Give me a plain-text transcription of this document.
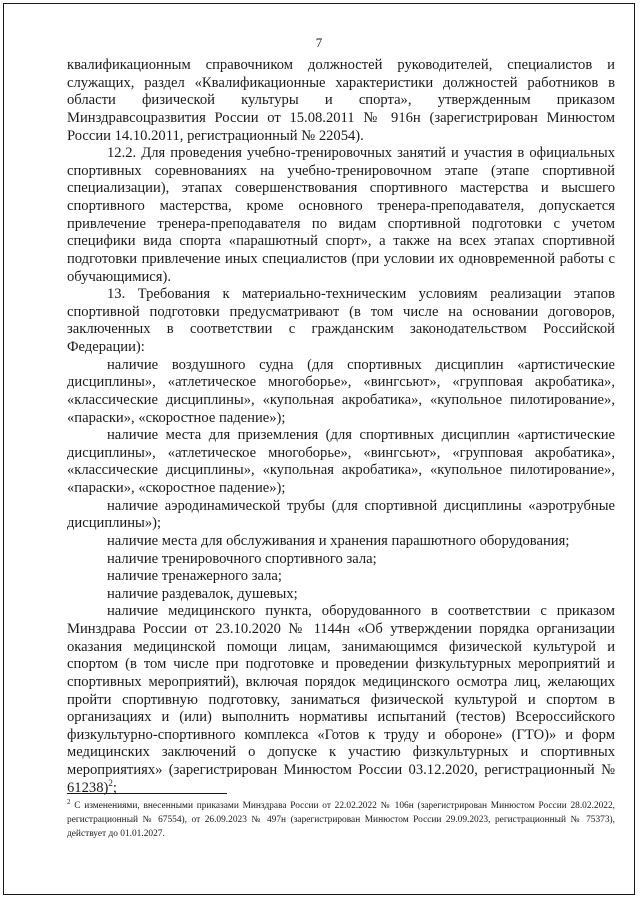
7

квалификационным справочником должностей руководителей, специалистов и служащих, раздел «Квалификационные характеристики должностей работников в области физической культуры и спорта», утвержденным приказом Минздравсоцразвития России от 15.08.2011 № 916н (зарегистрирован Минюстом России 14.10.2011, регистрационный № 22054).

12.2. Для проведения учебно-тренировочных занятий и участия в официальных спортивных соревнованиях на учебно-тренировочном этапе (этапе спортивной специализации), этапах совершенствования спортивного мастерства и высшего спортивного мастерства, кроме основного тренера-преподавателя, допускается привлечение тренера-преподавателя по видам спортивной подготовки с учетом специфики вида спорта «парашютный спорт», а также на всех этапах спортивной подготовки привлечение иных специалистов (при условии их одновременной работы с обучающимися).

13. Требования к материально-техническим условиям реализации этапов спортивной подготовки предусматривают (в том числе на основании договоров, заключенных в соответствии с гражданским законодательством Российской Федерации):

наличие воздушного судна (для спортивных дисциплин «артистические дисциплины», «атлетическое многоборье», «вингсьют», «групповая акробатика», «классические дисциплины», «купольная акробатика», «купольное пилотирование», «параски», «скоростное падение»);

наличие места для приземления (для спортивных дисциплин «артистические дисциплины», «атлетическое многоборье», «вингсьют», «групповая акробатика», «классические дисциплины», «купольная акробатика», «купольное пилотирование», «параски», «скоростное падение»);

наличие аэродинамической трубы (для спортивной дисциплины «аэротрубные дисциплины»);

наличие места для обслуживания и хранения парашютного оборудования;

наличие тренировочного спортивного зала;

наличие тренажерного зала;

наличие раздевалок, душевых;

наличие медицинского пункта, оборудованного в соответствии с приказом Минздрава России от 23.10.2020 № 1144н «Об утверждении порядка организации оказания медицинской помощи лицам, занимающимся физической культурой и спортом (в том числе при подготовке и проведении физкультурных мероприятий и спортивных мероприятий), включая порядок медицинского осмотра лиц, желающих пройти спортивную подготовку, заниматься физической культурой и спортом в организациях и (или) выполнить нормативы испытаний (тестов) Всероссийского физкультурно-спортивного комплекса «Готов к труду и обороне» (ГТО)» и форм медицинских заключений о допуске к участию физкультурных и спортивных мероприятиях» (зарегистрирован Минюстом России 03.12.2020, регистрационный № 61238)$^2$;

$^2$ С изменениями, внесенными приказами Минздрава России от 22.02.2022 № 106н (зарегистрирован Минюстом России 28.02.2022, регистрационный № 67554), от 26.09.2023 № 497н (зарегистрирован Минюстом России 29.09.2023, регистрационный № 75373), действует до 01.01.2027.
